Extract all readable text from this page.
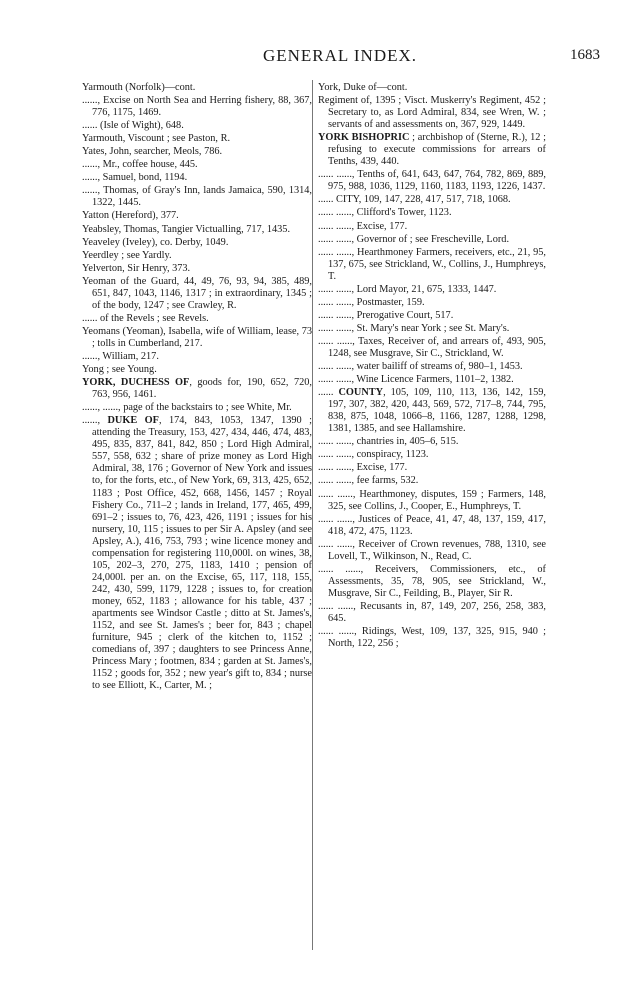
GENERAL INDEX.	1683

Yarmouth (Norfolk)—cont.

......, Excise on North Sea and Herring fishery, 88, 367, 776, 1175, 1469.

...... (Isle of Wight), 648.

Yarmouth, Viscount ; see Paston, R.

Yates, John, searcher, Meols, 786.

......, Mr., coffee house, 445.

......, Samuel, bond, 1194.

......, Thomas, of Gray's Inn, lands Jamaica, 590, 1314, 1322, 1445.

Yatton (Hereford), 377.

Yeabsley, Thomas, Tangier Victualling, 717, 1435.

Yeaveley (Iveley), co. Derby, 1049.

Yeerdley ; see Yardly.

Yelverton, Sir Henry, 373.

Yeoman of the Guard, 44, 49, 76, 93, 94, 385, 489, 651, 847, 1043, 1146, 1317 ; in extraordinary, 1345 ; of the body, 1247 ; see Crawley, R.

...... of the Revels ; see Revels.

Yeomans (Yeoman), Isabella, wife of William, lease, 73 ; tolls in Cumberland, 217.

......, William, 217.

Yong ; see Young.

YORK, DUCHESS OF, goods for, 190, 652, 720, 763, 956, 1461.

......, ......, page of the backstairs to ; see White, Mr.

......, DUKE OF, 174, 843, 1053, 1347, 1390 ; attending the Treasury, 153, 427, 434, 446, 474, 483, 495, 835, 837, 841, 842, 850 ; Lord High Admiral, 557, 558, 632 ; share of prize money as Lord High Admiral, 38, 176 ; Governor of New York and issues to, for the forts, etc., of New York, 69, 313, 425, 652, 1183 ; Post Office, 452, 668, 1456, 1457 ; Royal Fishery Co., 711–2 ; lands in Ireland, 177, 465, 499, 691–2 ; issues to, 76, 423, 426, 1191 ; issues for his nursery, 10, 115 ; issues to per Sir A. Apsley (and see Apsley, A.), 416, 753, 793 ; wine licence money and compensation for registering 110,000l. on wines, 38, 105, 202–3, 270, 275, 1183, 1410 ; pension of 24,000l. per an. on the Excise, 65, 117, 118, 155, 242, 430, 599, 1179, 1228 ; issues to, for creation money, 652, 1183 ; allowance for his table, 437 ; apartments see Windsor Castle ; ditto at St. James's, 1152, and see St. James's ; beer for, 843 ; chapel furniture, 945 ; clerk of the kitchen to, 1152 ; comedians of, 397 ; daughters to see Princess Anne, Princess Mary ; footmen, 834 ; garden at St. James's, 1152 ; goods for, 352 ; new year's gift to, 834 ; nurse to see Elliott, K., Carter, M. ;

York, Duke of—cont.

Regiment of, 1395 ; Visct. Muskerry's Regiment, 452 ; Secretary to, as Lord Admiral, 834, see Wren, W. ; servants of and assessments on, 367, 929, 1449.

YORK BISHOPRIC ; archbishop of (Sterne, R.), 12 ; refusing to execute commissions for arrears of Tenths, 439, 440.

...... ......, Tenths of, 641, 643, 647, 764, 782, 869, 889, 975, 988, 1036, 1129, 1160, 1183, 1193, 1226, 1437.

...... CITY, 109, 147, 228, 417, 517, 718, 1068.

...... ......, Clifford's Tower, 1123.

...... ......, Excise, 177.

...... ......, Governor of ; see Frescheville, Lord.

...... ......, Hearthmoney Farmers, receivers, etc., 21, 95, 137, 675, see Strickland, W., Collins, J., Humphreys, T.

...... ......, Lord Mayor, 21, 675, 1333, 1447.

...... ......, Postmaster, 159.

...... ......, Prerogative Court, 517.

...... ......, St. Mary's near York ; see St. Mary's.

...... ......, Taxes, Receiver of, and arrears of, 493, 905, 1248, see Musgrave, Sir C., Strickland, W.

...... ......, water bailiff of streams of, 980–1, 1453.

...... ......, Wine Licence Farmers, 1101–2, 1382.

...... COUNTY, 105, 109, 110, 113, 136, 142, 159, 197, 307, 382, 420, 443, 569, 572, 717–8, 744, 795, 838, 875, 1048, 1066–8, 1166, 1287, 1288, 1298, 1381, 1385, and see Hallamshire.

...... ......, chantries in, 405–6, 515.

...... ......, conspiracy, 1123.

...... ......, Excise, 177.

...... ......, fee farms, 532.

...... ......, Hearthmoney, disputes, 159 ; Farmers, 148, 325, see Collins, J., Cooper, E., Humphreys, T.

...... ......, Justices of Peace, 41, 47, 48, 137, 159, 417, 418, 472, 475, 1123.

...... ......, Receiver of Crown revenues, 788, 1310, see Lovell, T., Wilkinson, N., Read, C.

...... ......, Receivers, Commissioners, etc., of Assessments, 35, 78, 905, see Strickland, W., Musgrave, Sir C., Feilding, B., Player, Sir R.

...... ......, Recusants in, 87, 149, 207, 256, 258, 383, 645.

...... ......, Ridings, West, 109, 137, 325, 915, 940 ; North, 122, 256 ;
